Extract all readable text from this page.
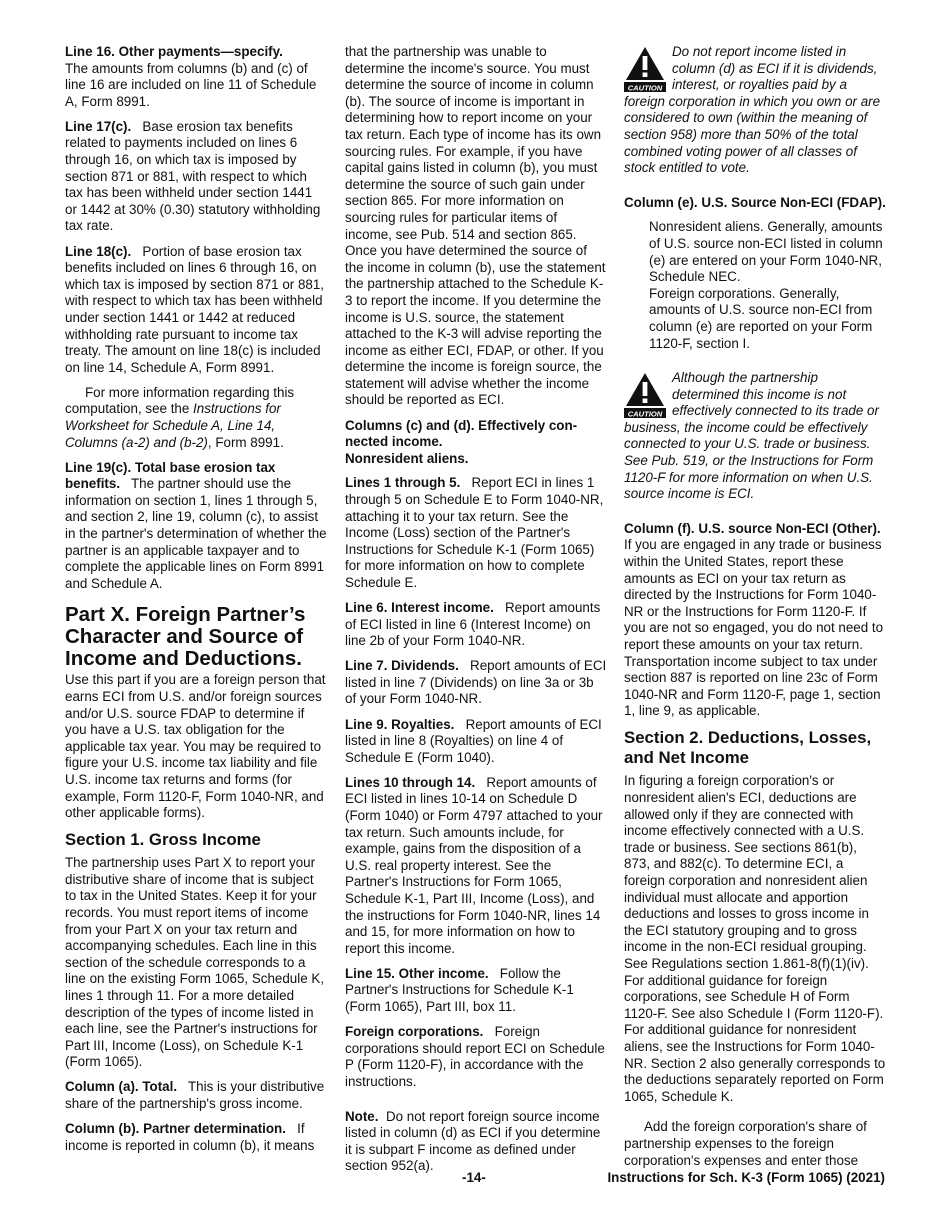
Line 16. Other payments—specify.
The amounts from columns (b) and (c) of line 16 are included on line 11 of Schedule A, Form 8991.

Line 17(c). Base erosion tax benefits related to payments included on lines 6 through 16, on which tax is imposed by section 871 or 881, with respect to which tax has been withheld under section 1441 or 1442 at 30% (0.30) statutory withholding tax rate.

Line 18(c). Portion of base erosion tax benefits included on lines 6 through 16, on which tax is imposed by section 871 or 881, with respect to which tax has been withheld under section 1441 or 1442 at reduced withholding rate pursuant to income tax treaty. The amount on line 18(c) is included on line 14, Schedule A, Form 8991.

For more information regarding this computation, see the Instructions for Worksheet for Schedule A, Line 14, Columns (a-2) and (b-2), Form 8991.

Line 19(c). Total base erosion tax benefits. The partner should use the information on section 1, lines 1 through 5, and section 2, line 19, column (c), to assist in the partner's determination of whether the partner is an applicable taxpayer and to complete the applicable lines on Form 8991 and Schedule A.

Part X. Foreign Partner’s Character and Source of Income and Deductions.

Use this part if you are a foreign person that earns ECI from U.S. and/or foreign sources and/or U.S. source FDAP to determine if you have a U.S. tax obligation for the applicable tax year. You may be required to figure your U.S. income tax liability and file U.S. income tax returns and forms (for example, Form 1120-F, Form 1040-NR, and other applicable forms).

Section 1. Gross Income

The partnership uses Part X to report your distributive share of income that is subject to tax in the United States. Keep it for your records. You must report items of income from your Part X on your tax return and accompanying schedules. Each line in this section of the schedule corresponds to a line on the existing Form 1065, Schedule K, lines 1 through 11. For a more detailed description of the types of income listed in each line, see the Partner's instructions for Part III, Income (Loss), on Schedule K-1 (Form 1065).

Column (a). Total. This is your distributive share of the partnership's gross income.

Column (b). Partner determination. If income is reported in column (b), it means

that the partnership was unable to determine the income's source. You must determine the source of income in column (b). The source of income is important in determining how to report income on your tax return. Each type of income has its own sourcing rules. For example, if you have capital gains listed in column (b), you must determine the source of such gain under section 865. For more information on sourcing rules for particular items of income, see Pub. 514 and section 865. Once you have determined the source of the income in column (b), use the statement the partnership attached to the Schedule K-3 to report the income. If you determine the income is U.S. source, the statement attached to the K-3 will advise reporting the income as either ECI, FDAP, or other. If you determine the income is foreign source, the statement will advise whether the income should be reported as ECI.

Columns (c) and (d). Effectively connected income.
Nonresident aliens.

Lines 1 through 5. Report ECI in lines 1 through 5 on Schedule E to Form 1040-NR, attaching it to your tax return. See the Income (Loss) section of the Partner's Instructions for Schedule K-1 (Form 1065) for more information on how to complete Schedule E.

Line 6. Interest income. Report amounts of ECI listed in line 6 (Interest Income) on line 2b of your Form 1040-NR.

Line 7. Dividends. Report amounts of ECI listed in line 7 (Dividends) on line 3a or 3b of your Form 1040-NR.

Line 9. Royalties. Report amounts of ECI listed in line 8 (Royalties) on line 4 of Schedule E (Form 1040).

Lines 10 through 14. Report amounts of ECI listed in lines 10-14 on Schedule D (Form 1040) or Form 4797 attached to your tax return. Such amounts include, for example, gains from the disposition of a U.S. real property interest. See the Partner's Instructions for Form 1065, Schedule K-1, Part III, Income (Loss), and the instructions for Form 1040-NR, lines 14 and 15, for more information on how to report this income.

Line 15. Other income. Follow the Partner's Instructions for Schedule K-1 (Form 1065), Part III, box 11.

Foreign corporations. Foreign corporations should report ECI on Schedule P (Form 1120-F), in accordance with the instructions.

Note. Do not report foreign source income listed in column (d) as ECI if you determine it is subpart F income as defined under section 952(a).

CAUTION
Do not report income listed in column (d) as ECI if it is dividends, interest, or royalties paid by a foreign corporation in which you own or are considered to own (within the meaning of section 958) more than 50% of the total combined voting power of all classes of stock entitled to vote.
Column (e). U.S. Source Non-ECI (FDAP).

Nonresident aliens. Generally, amounts of U.S. source non-ECI listed in column (e) are entered on your Form 1040-NR, Schedule NEC.

Foreign corporations. Generally, amounts of U.S. source non-ECI from column (e) are reported on your Form 1120-F, section I.

CAUTION
Although the partnership determined this income is not effectively connected to its trade or business, the income could be effectively connected to your U.S. trade or business. See Pub. 519, or the Instructions for Form 1120-F for more information on when U.S. source income is ECI.

Column (f). U.S. source Non-ECI (Other).  If you are engaged in any trade or business within the United States, report these amounts as ECI on your tax return as directed by the Instructions for Form 1040-NR or the Instructions for Form 1120-F. If you are not so engaged, you do not need to report these amounts on your tax return. Transportation income subject to tax under section 887 is reported on line 23c of Form 1040-NR and Form 1120-F, page 1, section 1, line 9, as applicable.

Section 2. Deductions, Losses, and Net Income

In figuring a foreign corporation's or nonresident alien's ECI, deductions are allowed only if they are connected with income effectively connected with a U.S. trade or business. See sections 861(b), 873, and 882(c). To determine ECI, a foreign corporation and nonresident alien individual must allocate and apportion deductions and losses to gross income in the ECI statutory grouping and to gross income in the non-ECI residual grouping. See Regulations section 1.861-8(f)(1)(iv). For additional guidance for foreign corporations, see Schedule H of Form 1120-F. See also Schedule I (Form 1120-F). For additional guidance for nonresident aliens, see the Instructions for Form 1040-NR. Section 2 also generally corresponds to the deductions separately reported on Form 1065, Schedule K.

Add the foreign corporation's share of partnership expenses to the foreign corporation's expenses and enter those

-14-	Instructions for Sch. K-3 (Form 1065) (2021)
